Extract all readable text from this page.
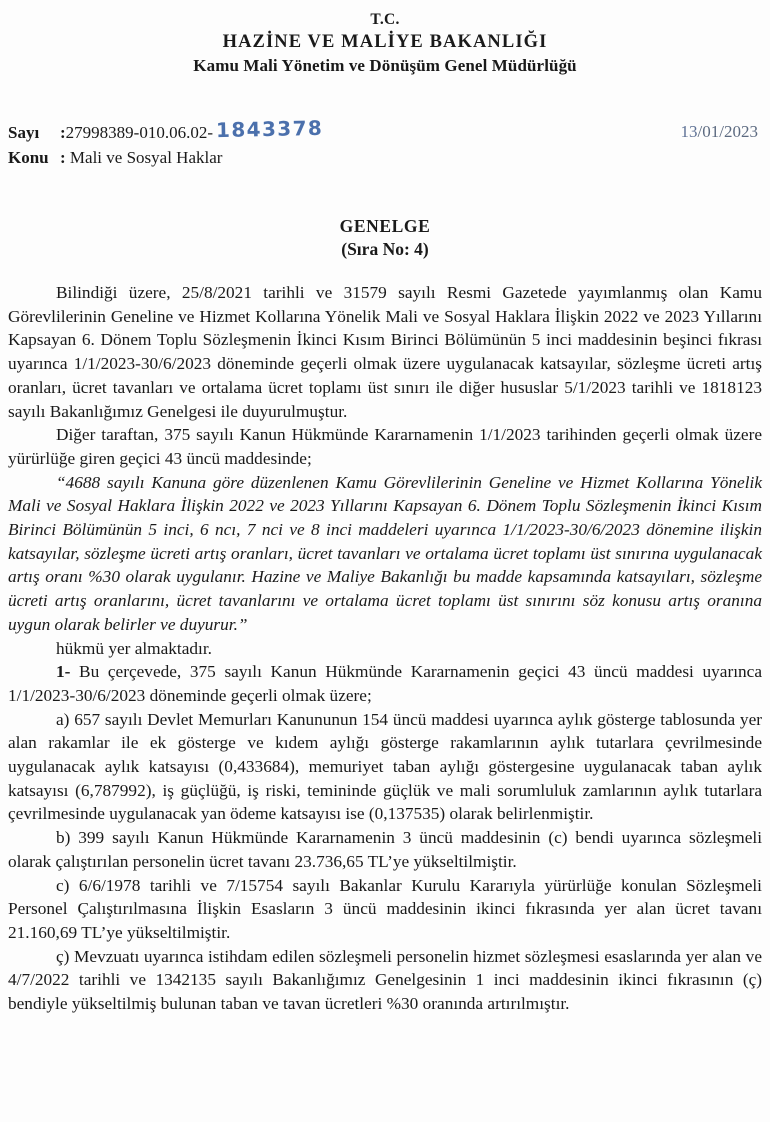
T.C.
HAZİNE VE MALİYE BAKANLIĞI
Kamu Mali Yönetim ve Dönüşüm Genel Müdürlüğü
Sayı :27998389-010.06.02- 1843378
Konu : Mali ve Sosyal Haklar
13/01/2023
GENELGE
(Sıra No: 4)

Bilindiği üzere, 25/8/2021 tarihli ve 31579 sayılı Resmi Gazetede yayımlanmış olan Kamu Görevlilerinin Geneline ve Hizmet Kollarına Yönelik Mali ve Sosyal Haklara İlişkin 2022 ve 2023 Yıllarını Kapsayan 6. Dönem Toplu Sözleşmenin İkinci Kısım Birinci Bölümünün 5 inci maddesinin beşinci fıkrası uyarınca 1/1/2023-30/6/2023 döneminde geçerli olmak üzere uygulanacak katsayılar, sözleşme ücreti artış oranları, ücret tavanları ve ortalama ücret toplamı üst sınırı ile diğer hususlar 5/1/2023 tarihli ve 1818123 sayılı Bakanlığımız Genelgesi ile duyurulmuştur.

Diğer taraftan, 375 sayılı Kanun Hükmünde Kararnamenin 1/1/2023 tarihinden geçerli olmak üzere yürürlüğe giren geçici 43 üncü maddesinde;

“4688 sayılı Kanuna göre düzenlenen Kamu Görevlilerinin Geneline ve Hizmet Kollarına Yönelik Mali ve Sosyal Haklara İlişkin 2022 ve 2023 Yıllarını Kapsayan 6. Dönem Toplu Sözleşmenin İkinci Kısım Birinci Bölümünün 5 inci, 6 ncı, 7 nci ve 8 inci maddeleri uyarınca 1/1/2023-30/6/2023 dönemine ilişkin katsayılar, sözleşme ücreti artış oranları, ücret tavanları ve ortalama ücret toplamı üst sınırına uygulanacak artış oranı %30 olarak uygulanır. Hazine ve Maliye Bakanlığı bu madde kapsamında katsayıları, sözleşme ücreti artış oranlarını, ücret tavanlarını ve ortalama ücret toplamı üst sınırını söz konusu artış oranına uygun olarak belirler ve duyurur.”

hükmü yer almaktadır.

1- Bu çerçevede, 375 sayılı Kanun Hükmünde Kararnamenin geçici 43 üncü maddesi uyarınca 1/1/2023-30/6/2023 döneminde geçerli olmak üzere;

a) 657 sayılı Devlet Memurları Kanununun 154 üncü maddesi uyarınca aylık gösterge tablosunda yer alan rakamlar ile ek gösterge ve kıdem aylığı gösterge rakamlarının aylık tutarlara çevrilmesinde uygulanacak aylık katsayısı (0,433684), memuriyet taban aylığı göstergesine uygulanacak taban aylık katsayısı (6,787992), iş güçlüğü, iş riski, temininde güçlük ve mali sorumluluk zamlarının aylık tutarlara çevrilmesinde uygulanacak yan ödeme katsayısı ise (0,137535) olarak belirlenmiştir.

b) 399 sayılı Kanun Hükmünde Kararnamenin 3 üncü maddesinin (c) bendi uyarınca sözleşmeli olarak çalıştırılan personelin ücret tavanı 23.736,65 TL’ye yükseltilmiştir.

c) 6/6/1978 tarihli ve 7/15754 sayılı Bakanlar Kurulu Kararıyla yürürlüğe konulan Sözleşmeli Personel Çalıştırılmasına İlişkin Esasların 3 üncü maddesinin ikinci fıkrasında yer alan ücret tavanı 21.160,69 TL’ye yükseltilmiştir.

ç) Mevzuatı uyarınca istihdam edilen sözleşmeli personelin hizmet sözleşmesi esaslarında yer alan ve 4/7/2022 tarihli ve 1342135 sayılı Bakanlığımız Genelgesinin 1 inci maddesinin ikinci fıkrasının (ç) bendiyle yükseltilmiş bulunan taban ve tavan ücretleri %30 oranında artırılmıştır.
